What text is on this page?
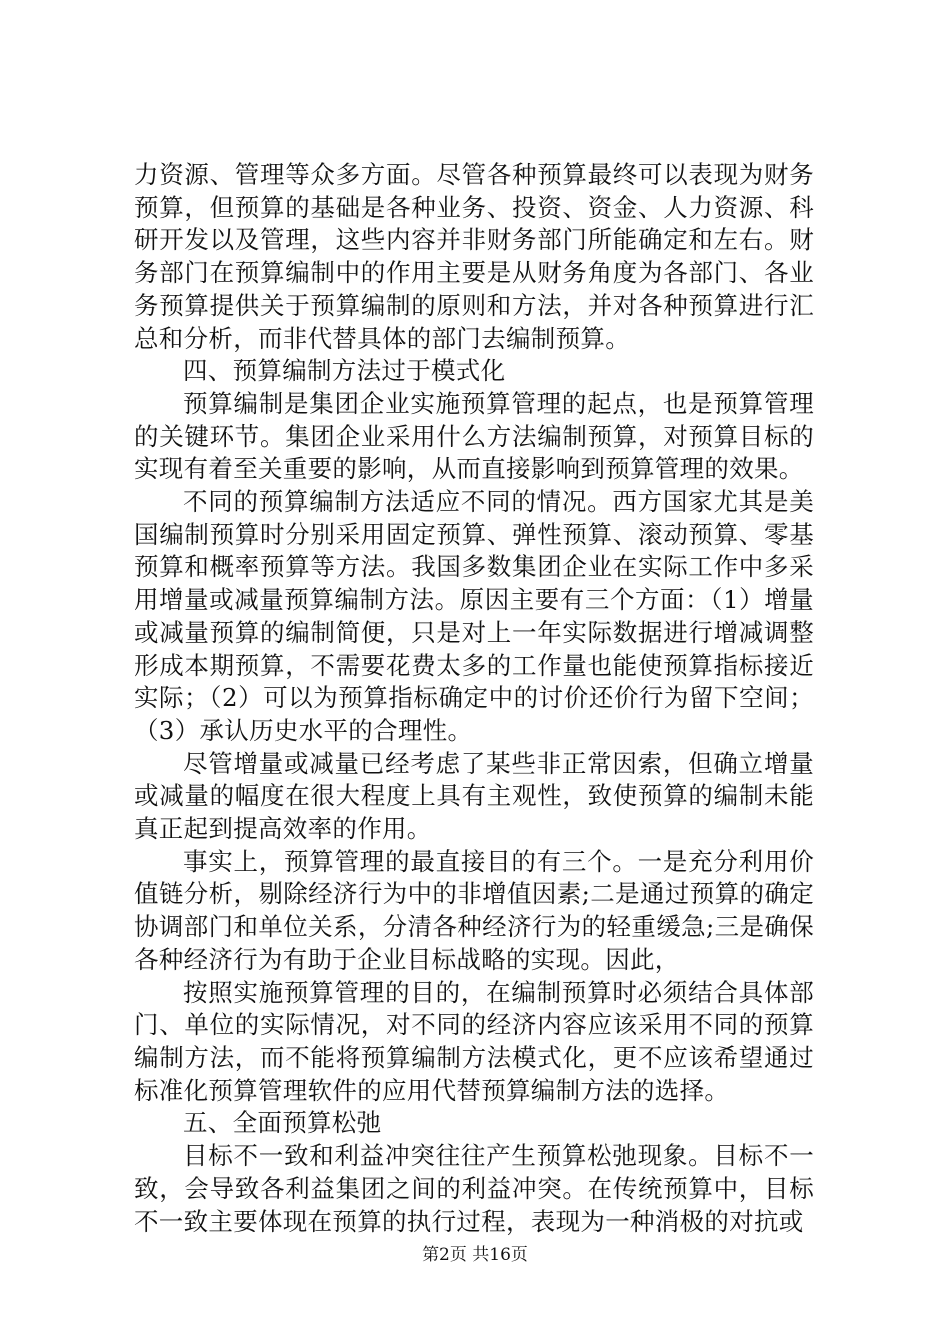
力资源、管理等众多方面。尽管各种预算最终可以表现为财务预算，但预算的基础是各种业务、投资、资金、人力资源、科研开发以及管理，这些内容并非财务部门所能确定和左右。财务部门在预算编制中的作用主要是从财务角度为各部门、各业务预算提供关于预算编制的原则和方法，并对各种预算进行汇总和分析，而非代替具体的部门去编制预算。

四、预算编制方法过于模式化

预算编制是集团企业实施预算管理的起点，也是预算管理的关键环节。集团企业采用什么方法编制预算，对预算目标的实现有着至关重要的影响，从而直接影响到预算管理的效果。

不同的预算编制方法适应不同的情况。西方国家尤其是美国编制预算时分别采用固定预算、弹性预算、滚动预算、零基预算和概率预算等方法。我国多数集团企业在实际工作中多采用增量或减量预算编制方法。原因主要有三个方面：（1）增量或减量预算的编制简便，只是对上一年实际数据进行增减调整形成本期预算，不需要花费太多的工作量也能使预算指标接近实际；（2）可以为预算指标确定中的讨价还价行为留下空间；（3）承认历史水平的合理性。

尽管增量或减量已经考虑了某些非正常因索，但确立增量或减量的幅度在很大程度上具有主观性，致使预算的编制未能真正起到提高效率的作用。

事实上，预算管理的最直接目的有三个。一是充分利用价值链分析，剔除经济行为中的非增值因素;二是通过预算的确定协调部门和单位关系，分清各种经济行为的轻重缓急;三是确保各种经济行为有助于企业目标战略的实现。因此，

按照实施预算管理的目的，在编制预算时必须结合具体部门、单位的实际情况，对不同的经济内容应该采用不同的预算编制方法，而不能将预算编制方法模式化，更不应该希望通过标准化预算管理软件的应用代替预算编制方法的选择。

五、全面预算松弛

目标不一致和利益冲突往往产生预算松弛现象。目标不一致，会导致各利益集团之间的利益冲突。在传统预算中，目标不一致主要体现在预算的执行过程，表现为一种消极的对抗或

第2页 共16页
